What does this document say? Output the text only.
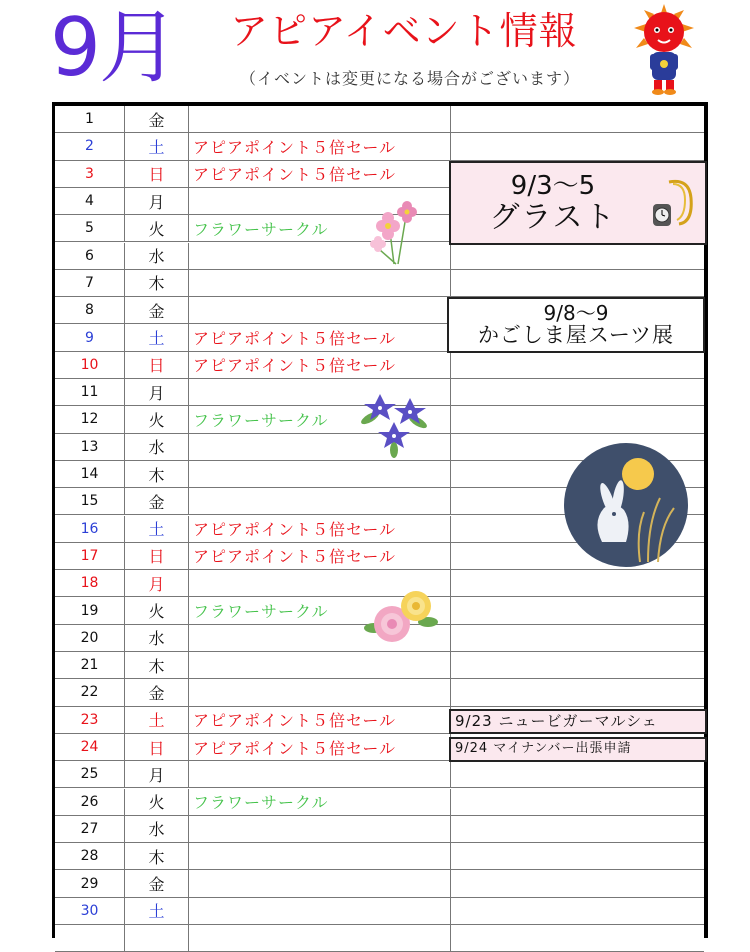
9月 アピアイベント情報
（イベントは変更になる場合がございます）
1	金
2	土	アピアポイント５倍セール
3	日	アピアポイント５倍セール
4	月
5	火	フラワーサークル
6	水
7	木
8	金
9	土	アピアポイント５倍セール
10	日	アピアポイント５倍セール
11	月
12	火	フラワーサークル
13	水
14	木
15	金
16	土	アピアポイント５倍セール
17	日	アピアポイント５倍セール
18	月
19	火	フラワーサークル
20	水
21	木
22	金
23	土	アピアポイント５倍セール
24	日	アピアポイント５倍セール
25	月
26	火	フラワーサークル
27	水
28	木
29	金
30	土
9/3〜5
グラスト
9/8〜9
かごしま屋スーツ展
9/23 ニュービガーマルシェ
9/24 マイナンバー出張申請
